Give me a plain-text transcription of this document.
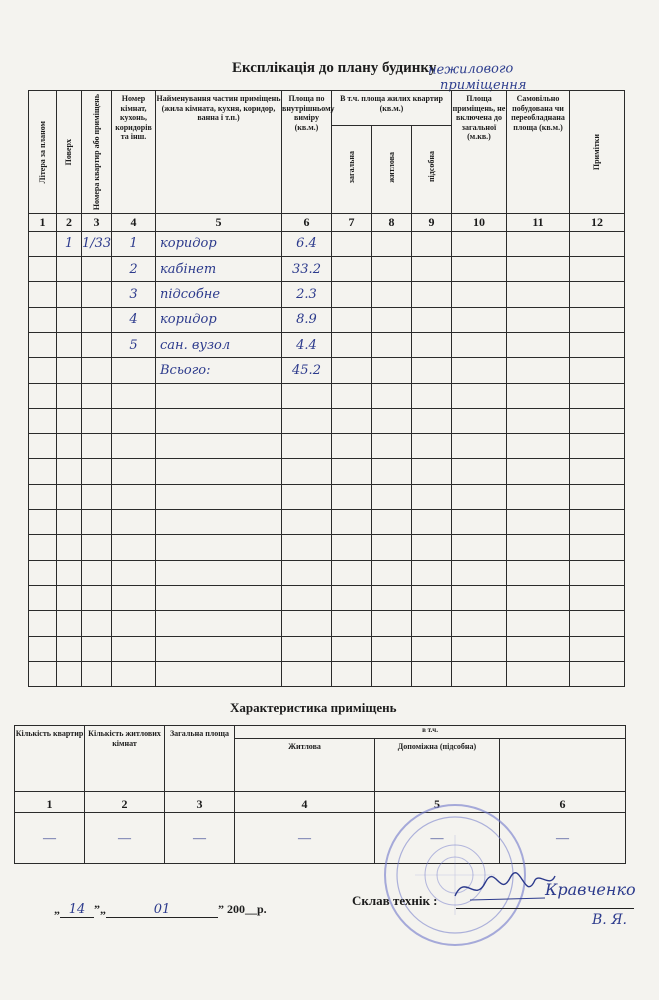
Експлікація до плану будинку
нежилового
приміщення
Літера за планом	Поверх	Номера квартир або приміщень	Номер кімнат, кухонь, коридорів та інш.	Найменування частин приміщень (жила кімната, кухня, коридор, ванна і т.п.)	Площа по внутрішньому виміру (кв.м.)	В т.ч. площа жилих квартир (кв.м.)			Площа приміщень, не включена до загальної (м.кв.)	Самовільно побудована чи переобладнана площа (кв.м.)	Примітки
						загальна	житлова	підсобна			
1	2	3	4	5	6	7	8	9	10	11	12
	1	1/33	1	коридор	6.4						
			2	кабінет	33.2						
			3	підсобне	2.3						
			4	коридор	8.9						
			5	сан. вузол	4.4						
				Всього:	45.2						

Характеристика приміщень
Кількість квартир	Кількість житлових кімнат	Загальна площа	в т.ч.		
			Житлова	Допоміжна (підсобна)	
1	2	3	4	5	6
—	—	—	—	—	—
„ 14 ”„	01	” 200__р.
Склав технік :
Кравченко
В. Я.
